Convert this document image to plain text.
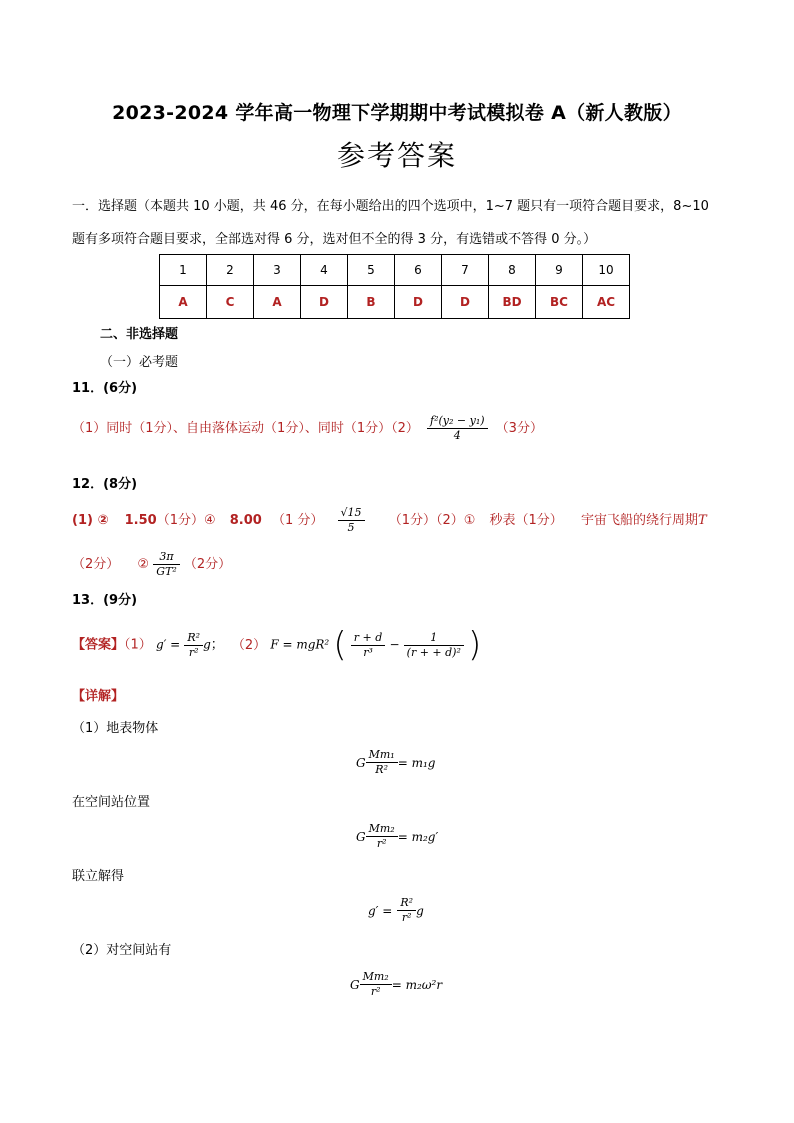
2023-2024 学年高一物理下学期期中考试模拟卷 A（新人教版）
参考答案
一．选择题（本题共 10 小题，共 46 分，在每小题给出的四个选项中，1~7 题只有一项符合题目要求，8~10
题有多项符合题目要求，全部选对得 6 分，选对但不全的得 3 分，有选错或不答得 0 分。）
1	2	3	4	5	6	7	8	9	10
A	C	A	D	B	D	D	BD	BC	AC
二、非选择题
（一）必考题
11．(6分)
（1）同时（1分）、自由落体运动（1分）、同时（1分）$(2) \frac{\text{f²(y₂ − y₁)}}{4} (3$分）
12．(8分)
(1) ② 1.50（1分）④ 8.00 （1 分） $\frac{√15}{5} (1$分）（2）① 秒表（1分） 宇宙飞船的绕行周期T
（2分） ② $\frac{3\pi}{\text{GT²}} (2$分）
13．(9分)
【答案】（1） $g' = \frac{\text{R²}}{\text{r²}}$ g； （2） F = mgR² ( $\frac{r + d}{\text{r³}} - \frac{1}{\text{(r + + d)²}}$ )
【详解】
（1）地表物体
G $\frac{\text{Mm₁}}{\text{R²}} = m_1g$
在空间站位置
G $\frac{\text{Mm₂}}{\text{r²}} = m_2g'$
联立解得
$g' = \frac{\text{R²}}{\text{r²}}$ g
（2）对空间站有
G $\frac{\text{Mm₂}}{\text{r²}} = m_2\omega^2r$
